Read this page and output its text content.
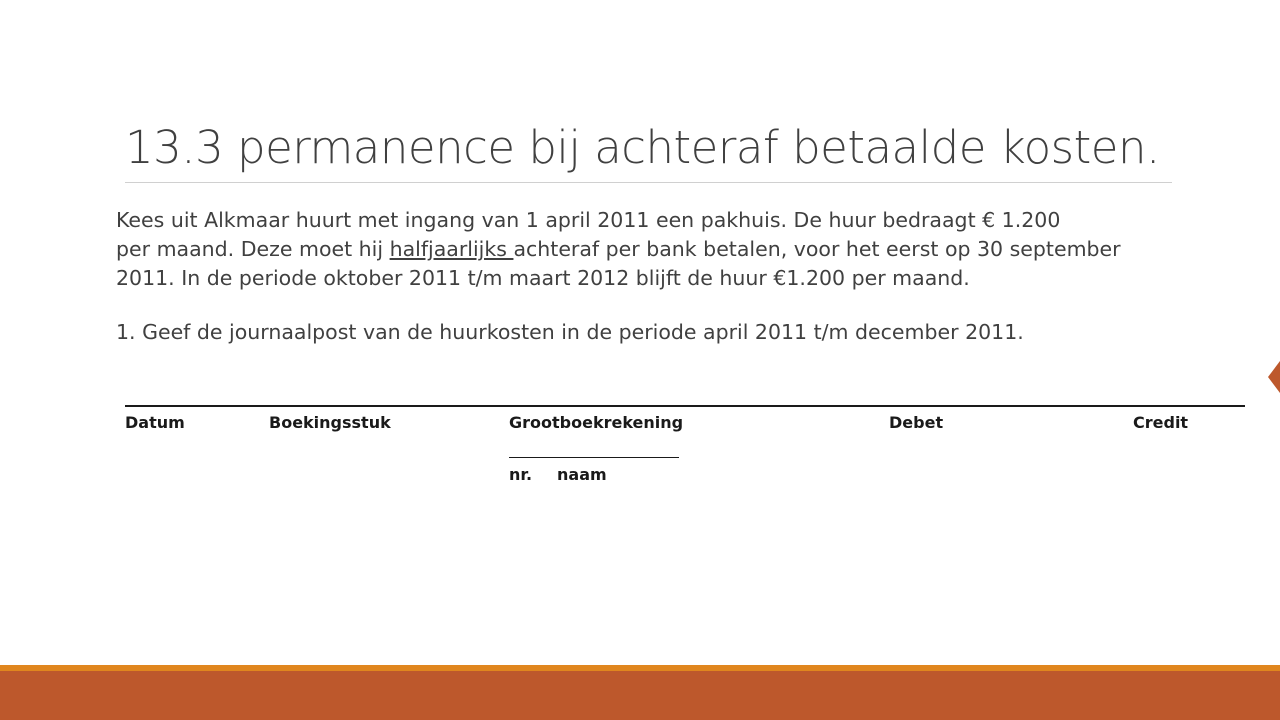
13.3 permanence bij achteraf betaalde kosten.
Kees uit Alkmaar huurt met ingang van 1 april 2011 een pakhuis. De huur bedraagt € 1.200
per maand. Deze moet hij halfjaarlijks achteraf per bank betalen, voor het eerst op 30 september
2011. In de periode oktober 2011 t/m maart 2012 blijft de huur €1.200 per maand.
1. Geef de journaalpost van de huurkosten in de periode april 2011 t/m december 2011.
Datum	Boekingsstuk	Grootboekrekening	Debet	Credit
nr. naam
